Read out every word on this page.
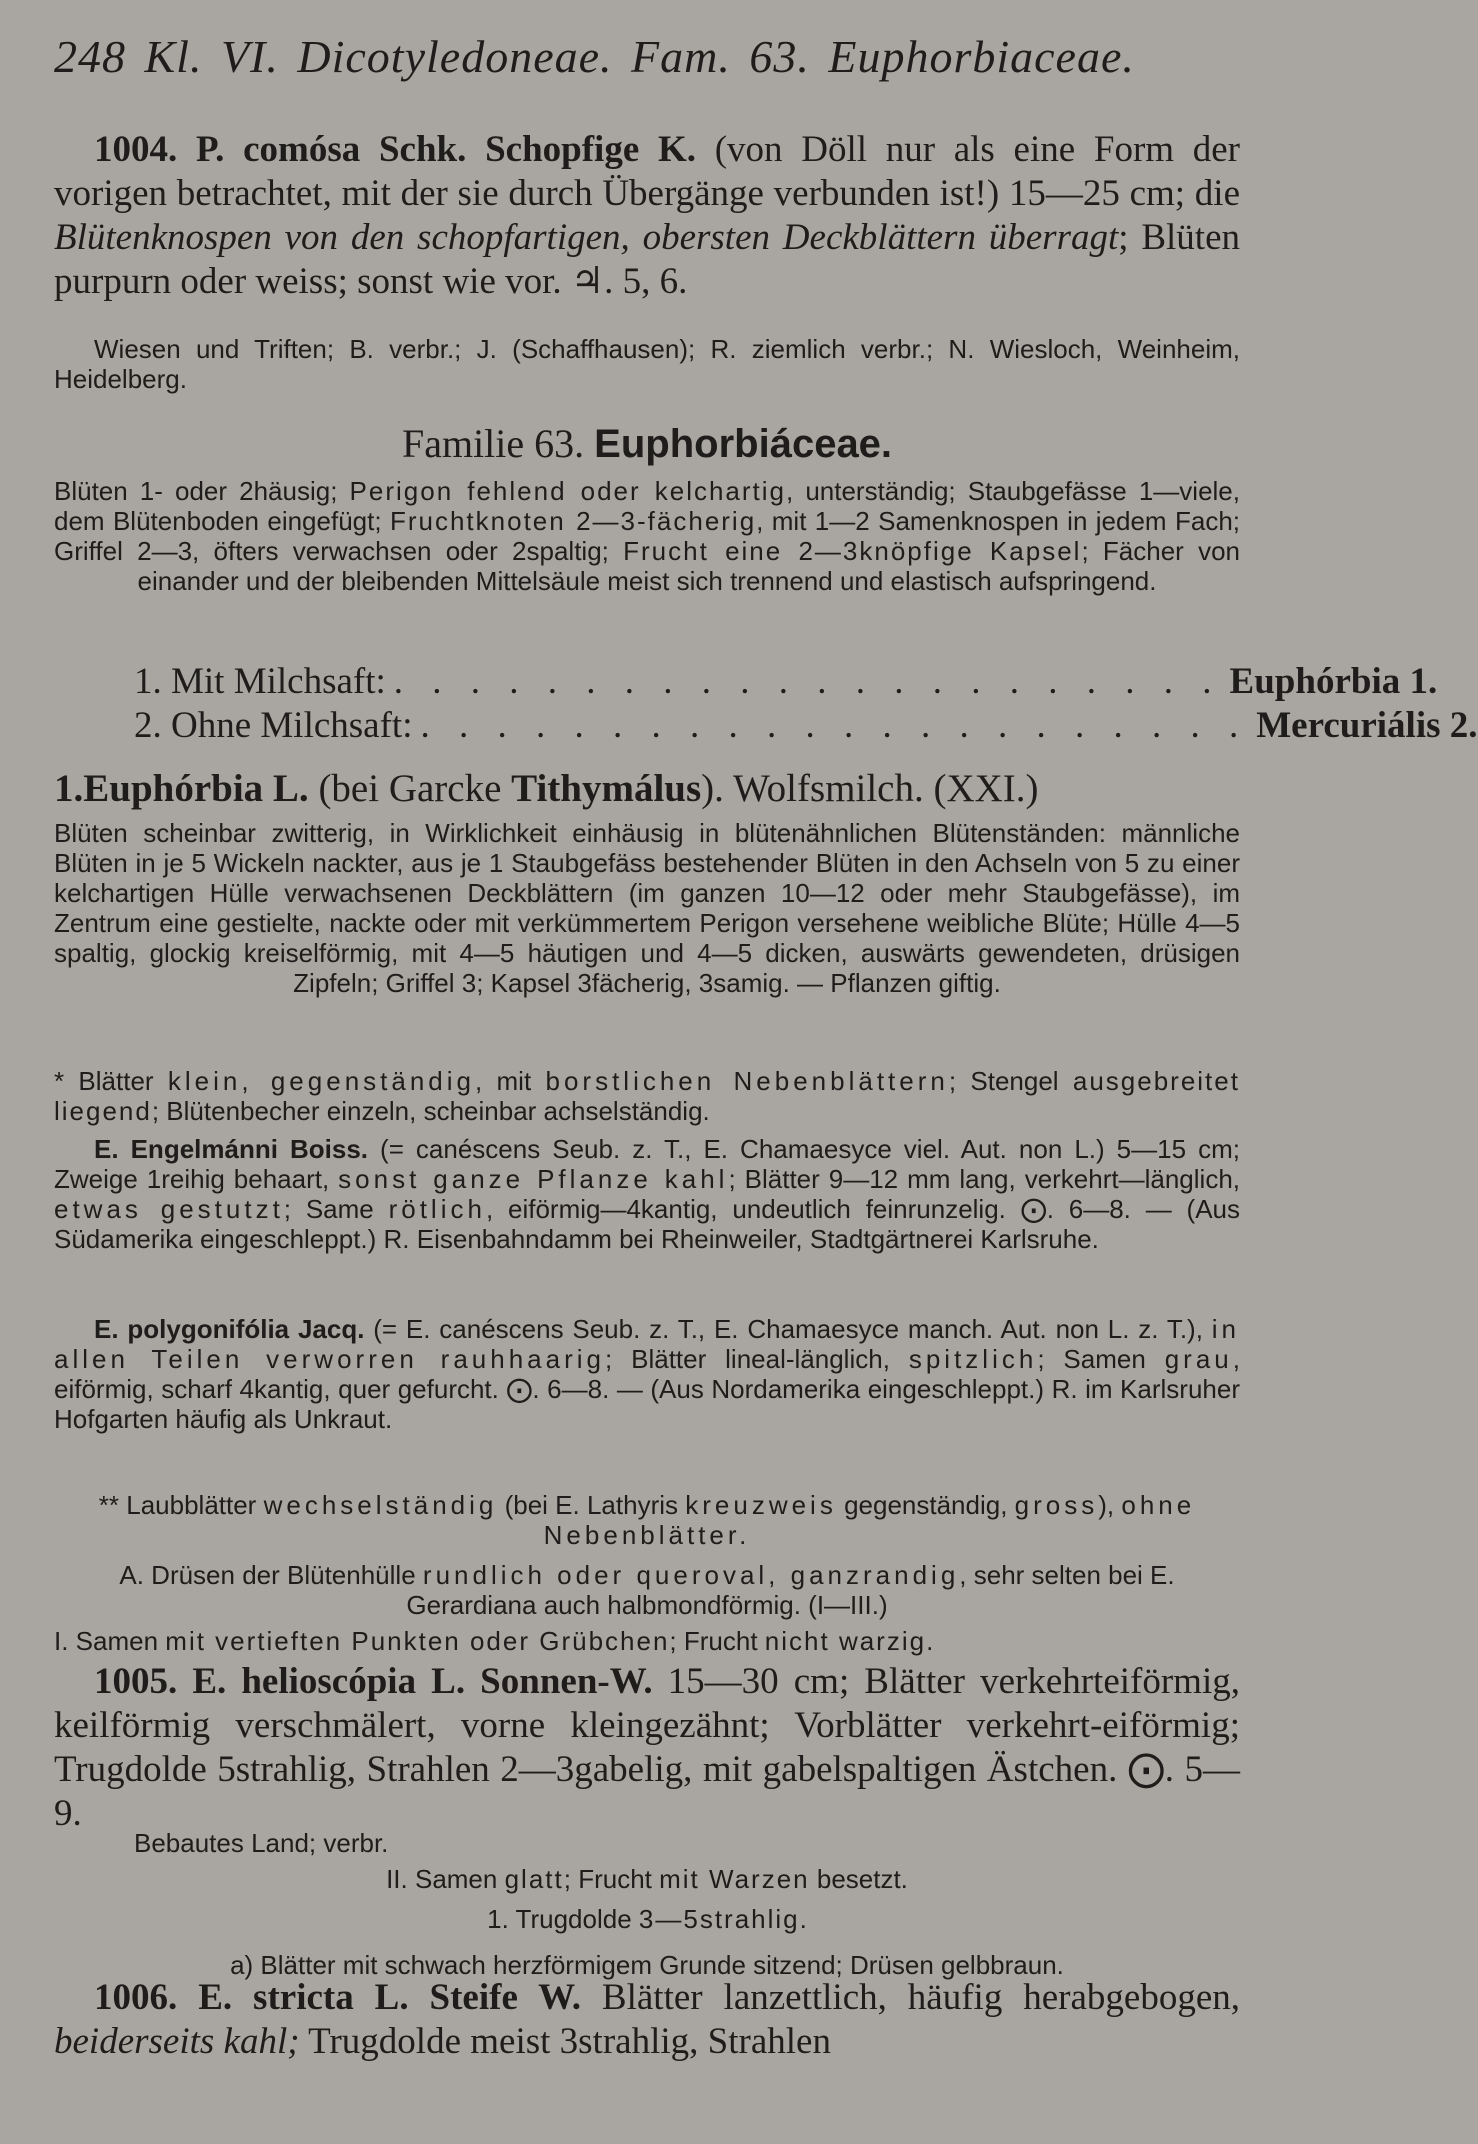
248 Kl. VI. Dicotyledoneae. Fam. 63. Euphorbiaceae.
1004. P. comósa Schk. Schopfige K. (von Döll nur als eine Form der vorigen betrachtet, mit der sie durch Übergänge verbunden ist!) 15—25 cm; die Blütenknospen von den schopfartigen, obersten Deckblättern überragt; Blüten purpurn oder weiss; sonst wie vor. ♃. 5, 6.
Wiesen und Triften; B. verbr.; J. (Schaffhausen); R. ziemlich verbr.; N. Wiesloch, Weinheim, Heidelberg.
Familie 63. Euphorbiáceae.
Blüten 1- oder 2häusig; Perigon fehlend oder kelchartig, unterständig; Staubgefässe 1—viele, dem Blütenboden eingefügt; Fruchtknoten 2—3-fächerig, mit 1—2 Samenknospen in jedem Fach; Griffel 2—3, öfters verwachsen oder 2spaltig; Frucht eine 2—3knöpfige Kapsel; Fächer von einander und der bleibenden Mittelsäule meist sich trennend und elastisch aufspringend.
1. Mit Milchsaft: . . . . . . . . . . . . . . . . . . . . . . Euphórbia 1.
2. Ohne Milchsaft: . . . . . . . . . . . . . . . . . . . . . . Mercuriális 2.
1.Euphórbia L. (bei Garcke Tithymálus). Wolfsmilch. (XXI.)
Blüten scheinbar zwitterig, in Wirklichkeit einhäusig in blütenähnlichen Blütenständen: männliche Blüten in je 5 Wickeln nackter, aus je 1 Staubgefäss bestehender Blüten in den Achseln von 5 zu einer kelchartigen Hülle verwachsenen Deckblättern (im ganzen 10—12 oder mehr Staubgefässe), im Zentrum eine gestielte, nackte oder mit verkümmertem Perigon versehene weibliche Blüte; Hülle 4—5 spaltig, glockig kreiselförmig, mit 4—5 häutigen und 4—5 dicken, auswärts gewendeten, drüsigen Zipfeln; Griffel 3; Kapsel 3fächerig, 3samig. — Pflanzen giftig.
* Blätter klein, gegenständig, mit borstlichen Nebenblättern; Stengel ausgebreitet liegend; Blütenbecher einzeln, scheinbar achselständig.
E. Engelmánni Boiss. (= canéscens Seub. z. T., E. Chamaesyce viel. Aut. non L.) 5—15 cm; Zweige 1reihig behaart, sonst ganze Pflanze kahl; Blätter 9—12 mm lang, verkehrt—länglich, etwas gestutzt; Same rötlich, eiförmig—4kantig, undeutlich feinrunzelig. ⨀. 6—8. — (Aus Südamerika eingeschleppt.) R. Eisenbahndamm bei Rheinweiler, Stadtgärtnerei Karlsruhe.
E. polygonifólia Jacq. (= E. canéscens Seub. z. T., E. Chamaesyce manch. Aut. non L. z. T.), in allen Teilen verworren rauhhaarig; Blätter lineal-länglich, spitzlich; Samen grau, eiförmig, scharf 4kantig, quer gefurcht. ⨀. 6—8. — (Aus Nordamerika eingeschleppt.) R. im Karlsruher Hofgarten häufig als Unkraut.
** Laubblätter wechselständig (bei E. Lathyris kreuzweis gegenständig, gross), ohne Nebenblätter.
A. Drüsen der Blütenhülle rundlich oder queroval, ganzrandig, sehr selten bei E. Gerardiana auch halbmondförmig. (I—III.)
I. Samen mit vertieften Punkten oder Grübchen; Frucht nicht warzig.
1005. E. helioscópia L. Sonnen-W. 15—30 cm; Blätter verkehrteiförmig, keilförmig verschmälert, vorne kleingezähnt; Vorblätter verkehrt-eiförmig; Trugdolde 5strahlig, Strahlen 2—3gabelig, mit gabelspaltigen Ästchen. ⨀. 5—9.
Bebautes Land; verbr.
II. Samen glatt; Frucht mit Warzen besetzt.
1. Trugdolde 3—5strahlig.
a) Blätter mit schwach herzförmigem Grunde sitzend; Drüsen gelbbraun.
1006. E. stricta L. Steife W. Blätter lanzettlich, häufig herabgebogen, beiderseits kahl; Trugdolde meist 3strahlig, Strahlen
